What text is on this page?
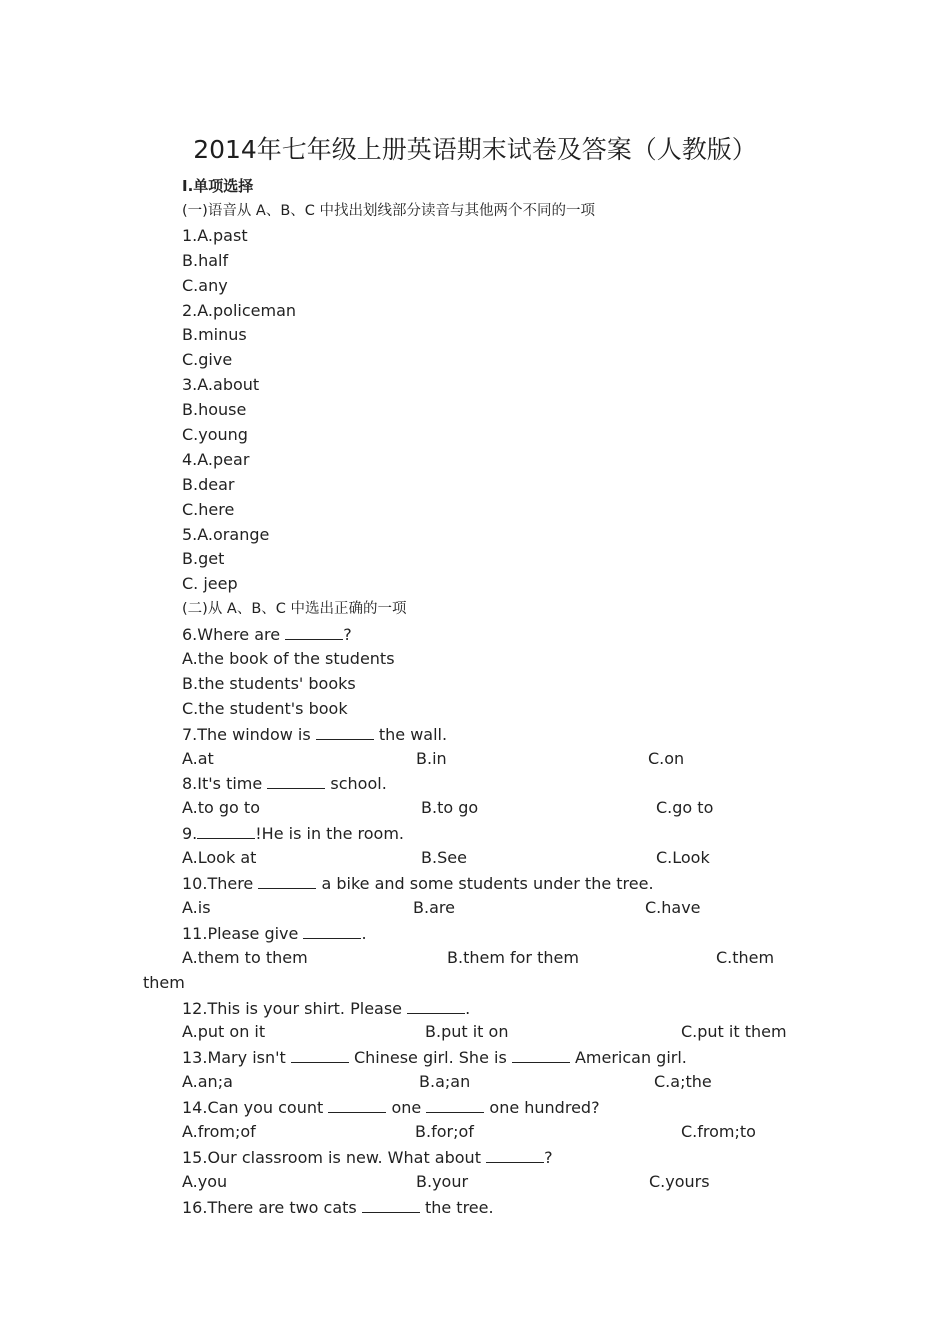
2014年七年级上册英语期末试卷及答案（人教版）
Ⅰ.单项选择
(一)语音从 A、B、C 中找出划线部分读音与其他两个不同的一项
1.A.past
B.half
C.any
2.A.policeman
B.minus
C.give
3.A.about
B.house
C.young
4.A.pear
B.dear
C.here
5.A.orange
B.get
C. jeep
(二)从 A、B、C 中选出正确的一项
6.Where are	?
A.the book of the students
B.the students' books
C.the student's book
7.The window is	the wall.
A.at	B.in	C.on
8.It's time	school.
A.to go to	B.to go	C.go to
9.	!He is in the room.
A.Look at	B.See	C.Look
10.There	a bike and some students under the tree.
A.is	B.are	C.have
11.Please give	.
A.them to them	B.them for them	C.them
them
12.This is your shirt. Please	.
A.put on it	B.put it on	C.put it them
13.Mary isn't	Chinese girl. She is	American girl.
A.an;a	B.a;an	C.a;the
14.Can you count	one	one hundred?
A.from;of	B.for;of	C.from;to
15.Our classroom is new. What about	?
A.you	B.your	C.yours
16.There are two cats	the tree.
